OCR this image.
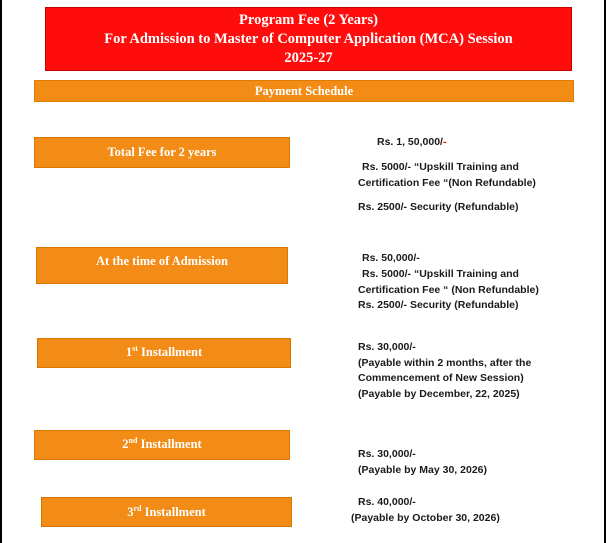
Program Fee (2 Years)
For Admission to Master of Computer Application (MCA) Session
2025-27
Payment Schedule
Total Fee for 2 years
Rs. 1, 50,000/-
Rs. 5000/- “Upskill Training and
Certification Fee “(Non Refundable)
Rs. 2500/- Security (Refundable)
At the time of Admission	Rs. 50,000/-
Rs. 5000/- “Upskill Training and
Certification Fee “ (Non Refundable)
Rs. 2500/- Security (Refundable)
1st Installment	Rs. 30,000/-
(Payable within 2 months, after the
Commencement of New Session)
(Payable by December, 22, 2025)
2nd Installment
Rs. 30,000/-
(Payable by May 30, 2026)
3rd Installment
Rs. 40,000/-
(Payable by October 30, 2026)
